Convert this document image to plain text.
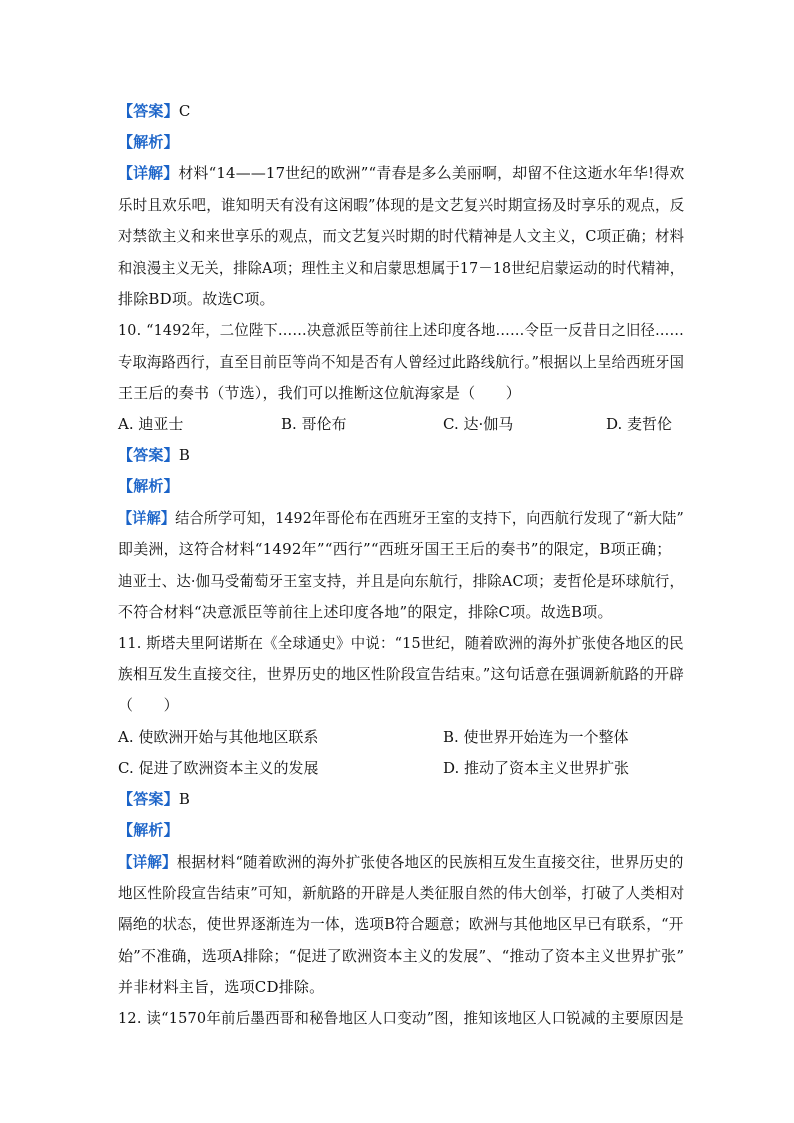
【答案】C
【解析】
【详解】材料“14——17世纪的欧洲”“青春是多么美丽啊，却留不住这逝水年华!得欢
乐时且欢乐吧，谁知明天有没有这闲暇”体现的是文艺复兴时期宣扬及时享乐的观点，反
对禁欲主义和来世享乐的观点，而文艺复兴时期的时代精神是人文主义，C项正确；材料
和浪漫主义无关，排除A项；理性主义和启蒙思想属于17－18世纪启蒙运动的时代精神，
排除BD项。故选C项。
10. “1492年，二位陛下……决意派臣等前往上述印度各地……令臣一反昔日之旧径……
专取海路西行，直至目前臣等尚不知是否有人曾经过此路线航行。”根据以上呈给西班牙国
王王后的奏书（节选），我们可以推断这位航海家是（　　）
A. 迪亚士	B. 哥伦布	C. 达·伽马	D. 麦哲伦
【答案】B
【解析】
【详解】结合所学可知，1492年哥伦布在西班牙王室的支持下，向西航行发现了“新大陆”
即美洲，这符合材料“1492年”“西行”“西班牙国王王后的奏书”的限定，B项正确；
迪亚士、达·伽马受葡萄牙王室支持，并且是向东航行，排除AC项；麦哲伦是环球航行，
不符合材料“决意派臣等前往上述印度各地”的限定，排除C项。故选B项。
11. 斯塔夫里阿诺斯在《全球通史》中说：“15世纪，随着欧洲的海外扩张使各地区的民
族相互发生直接交往，世界历史的地区性阶段宣告结束。”这句话意在强调新航路的开辟
（　　）
A. 使欧洲开始与其他地区联系	B. 使世界开始连为一个整体
C. 促进了欧洲资本主义的发展	D. 推动了资本主义世界扩张
【答案】B
【解析】
【详解】根据材料“随着欧洲的海外扩张使各地区的民族相互发生直接交往，世界历史的
地区性阶段宣告结束”可知，新航路的开辟是人类征服自然的伟大创举，打破了人类相对
隔绝的状态，使世界逐渐连为一体，选项B符合题意；欧洲与其他地区早已有联系，“开
始”不准确，选项A排除；“促进了欧洲资本主义的发展”、“推动了资本主义世界扩张”
并非材料主旨，选项CD排除。
12. 读“1570年前后墨西哥和秘鲁地区人口变动”图，推知该地区人口锐减的主要原因是
